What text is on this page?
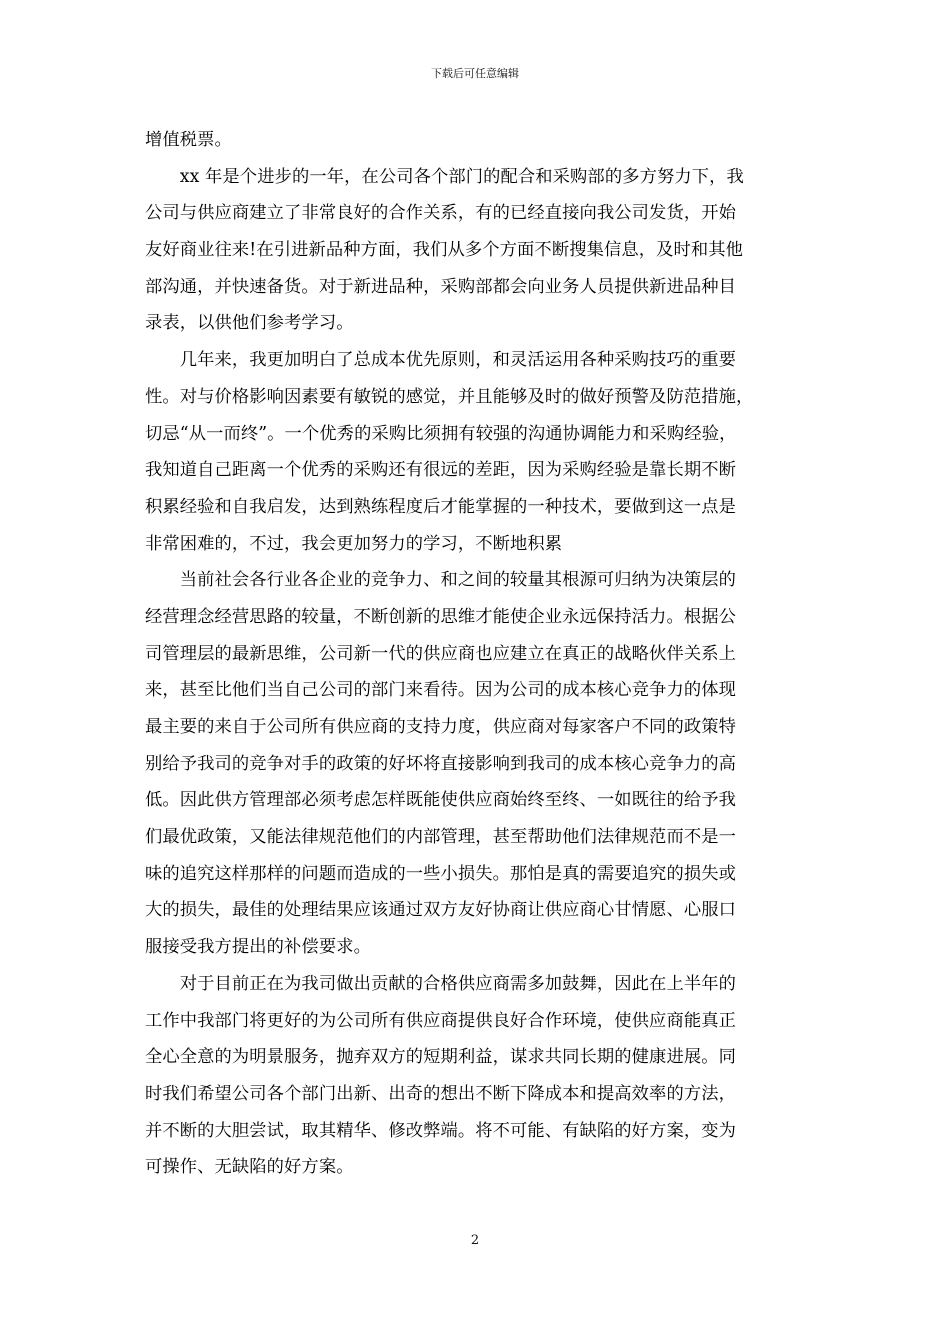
下载后可任意编辑
增值税票。
　　xx 年是个进步的一年，在公司各个部门的配合和采购部的多方努力下，我
公司与供应商建立了非常良好的合作关系，有的已经直接向我公司发货，开始
友好商业往来!在引进新品种方面，我们从多个方面不断搜集信息，及时和其他
部沟通，并快速备货。对于新进品种，采购部都会向业务人员提供新进品种目
录表，以供他们参考学习。
　　几年来，我更加明白了总成本优先原则，和灵活运用各种采购技巧的重要
性。对与价格影响因素要有敏锐的感觉，并且能够及时的做好预警及防范措施，
切忌“从一而终”。一个优秀的采购比须拥有较强的沟通协调能力和采购经验，
我知道自己距离一个优秀的采购还有很远的差距，因为采购经验是靠长期不断
积累经验和自我启发，达到熟练程度后才能掌握的一种技术，要做到这一点是
非常困难的，不过，我会更加努力的学习，不断地积累
　　当前社会各行业各企业的竞争力、和之间的较量其根源可归纳为决策层的
经营理念经营思路的较量，不断创新的思维才能使企业永远保持活力。根据公
司管理层的最新思维，公司新一代的供应商也应建立在真正的战略伙伴关系上
来，甚至比他们当自己公司的部门来看待。因为公司的成本核心竞争力的体现
最主要的来自于公司所有供应商的支持力度，供应商对每家客户不同的政策特
别给予我司的竞争对手的政策的好坏将直接影响到我司的成本核心竞争力的高
低。因此供方管理部必须考虑怎样既能使供应商始终至终、一如既往的给予我
们最优政策，又能法律规范他们的内部管理，甚至帮助他们法律规范而不是一
味的追究这样那样的问题而造成的一些小损失。那怕是真的需要追究的损失或
大的损失，最佳的处理结果应该通过双方友好协商让供应商心甘情愿、心服口
服接受我方提出的补偿要求。
　　对于目前正在为我司做出贡献的合格供应商需多加鼓舞，因此在上半年的
工作中我部门将更好的为公司所有供应商提供良好合作环境，使供应商能真正
全心全意的为明景服务，抛弃双方的短期利益，谋求共同长期的健康进展。同
时我们希望公司各个部门出新、出奇的想出不断下降成本和提高效率的方法，
并不断的大胆尝试，取其精华、修改弊端。将不可能、有缺陷的好方案，变为
可操作、无缺陷的好方案。
2
